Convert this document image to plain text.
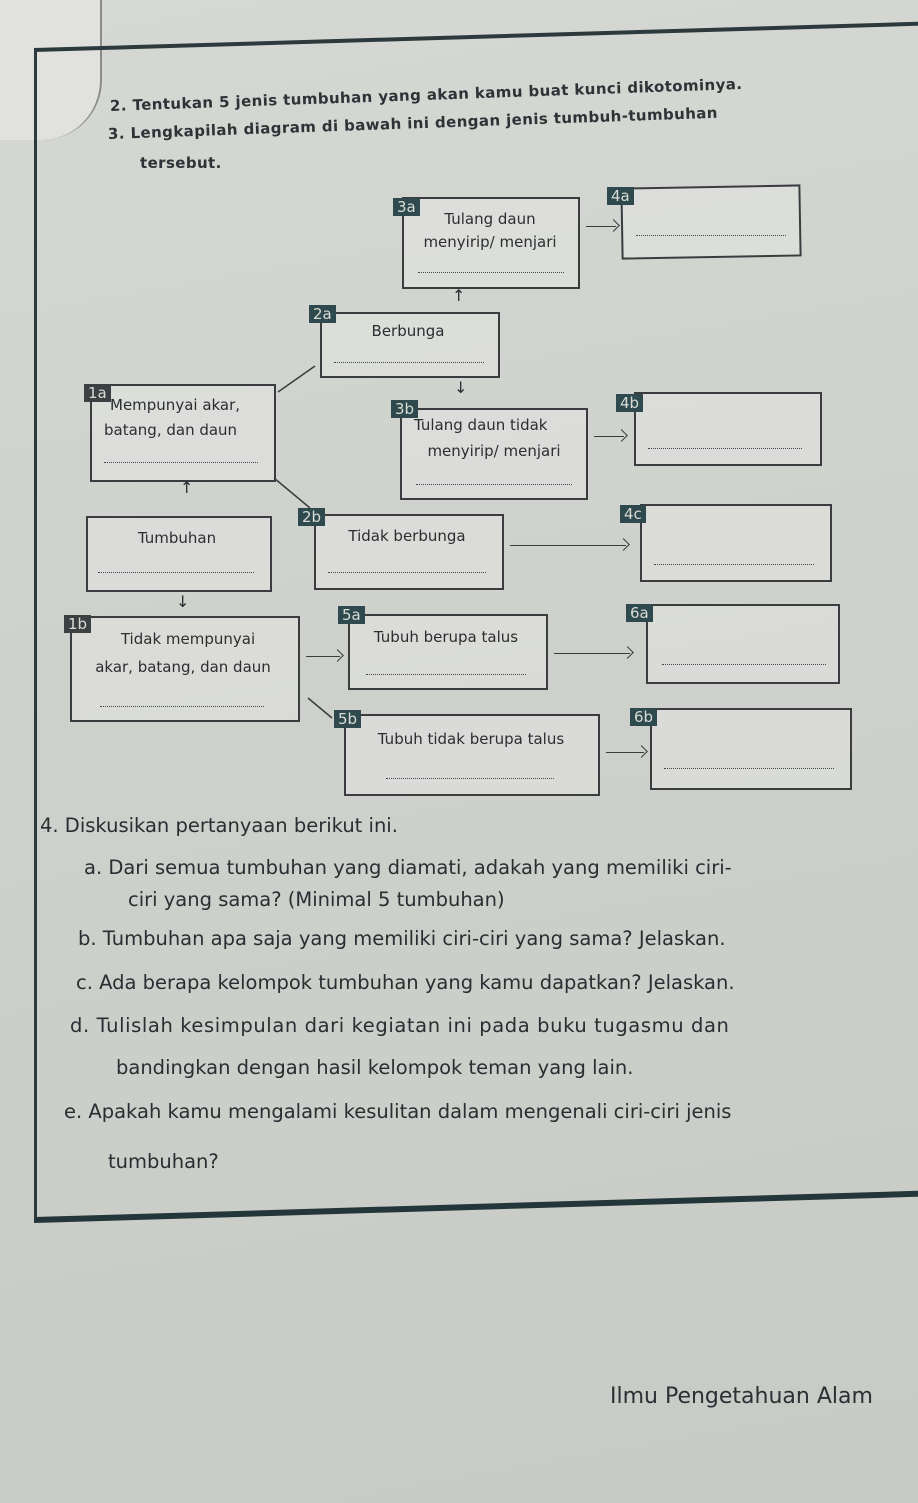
2. Tentukan 5 jenis tumbuhan yang akan kamu buat kunci dikotominya.
3. Lengkapilah diagram di bawah ini dengan jenis tumbuh-tumbuhan
tersebut.
3a
Tulang daun
menyirip/ menjari
4a
↑
2a
Berbunga
↓
1a
Mempunyai akar,
batang, dan daun
3b
Tulang daun tidak
menyirip/ menjari
4b
↑
Tumbuhan
2b
Tidak berbunga
4c
↓
1b
Tidak mempunyai
akar, batang, dan daun
5a
Tubuh berupa talus
6a
5b
Tubuh tidak berupa talus
6b
4. Diskusikan pertanyaan berikut ini.
a. Dari semua tumbuhan yang diamati, adakah yang memiliki ciri-
ciri yang sama? (Minimal 5 tumbuhan)
b. Tumbuhan apa saja yang memiliki ciri-ciri yang sama? Jelaskan.
c. Ada berapa kelompok tumbuhan yang kamu dapatkan? Jelaskan.
d. Tulislah kesimpulan dari kegiatan ini pada buku tugasmu dan
bandingkan dengan hasil kelompok teman yang lain.
e. Apakah kamu mengalami kesulitan dalam mengenali ciri-ciri jenis
tumbuhan?
Ilmu Pengetahuan Alam
